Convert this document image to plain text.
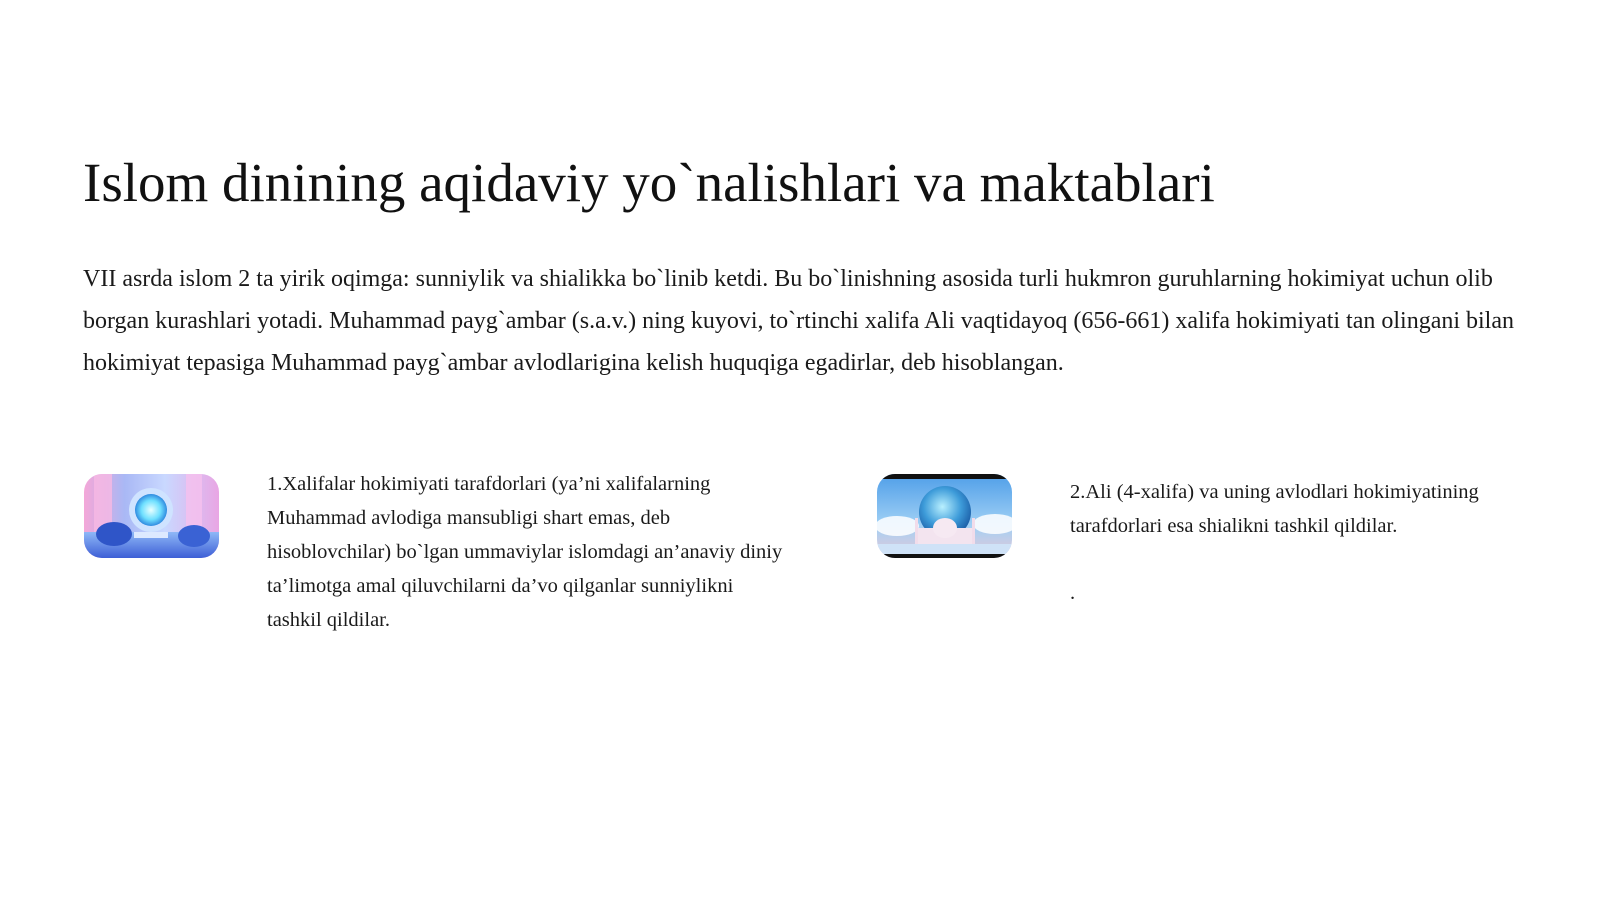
Islom dinining aqidaviy yo`nalishlari va maktablari

VII asrda islom 2 ta yirik oqimga: sunniylik va shialikka bo`linib ketdi. Bu bo`linishning asosida turli hukmron guruhlarning hokimiyat uchun olib borgan kurashlari yotadi. Muhammad payg`ambar (s.a.v.) ning kuyovi, to`rtinchi xalifa Ali vaqtidayoq (656-661) xalifa hokimiyati tan olingani bilan hokimiyat tepasiga Muhammad payg`ambar avlodlarigina kelish huquqiga egadirlar, deb hisoblangan.

1.Xalifalar hokimiyati tarafdorlari (ya’ni xalifalarning Muhammad avlodiga mansubligi shart emas, deb hisoblovchilar) bo`lgan ummaviylar islomdagi an’anaviy diniy ta’limotga amal qiluvchilarni da’vo qilganlar sunniylikni tashkil qildilar.

2.Ali (4-xalifa) va uning avlodlari hokimiyatining tarafdorlari esa shialikni tashkil qildilar.

.
